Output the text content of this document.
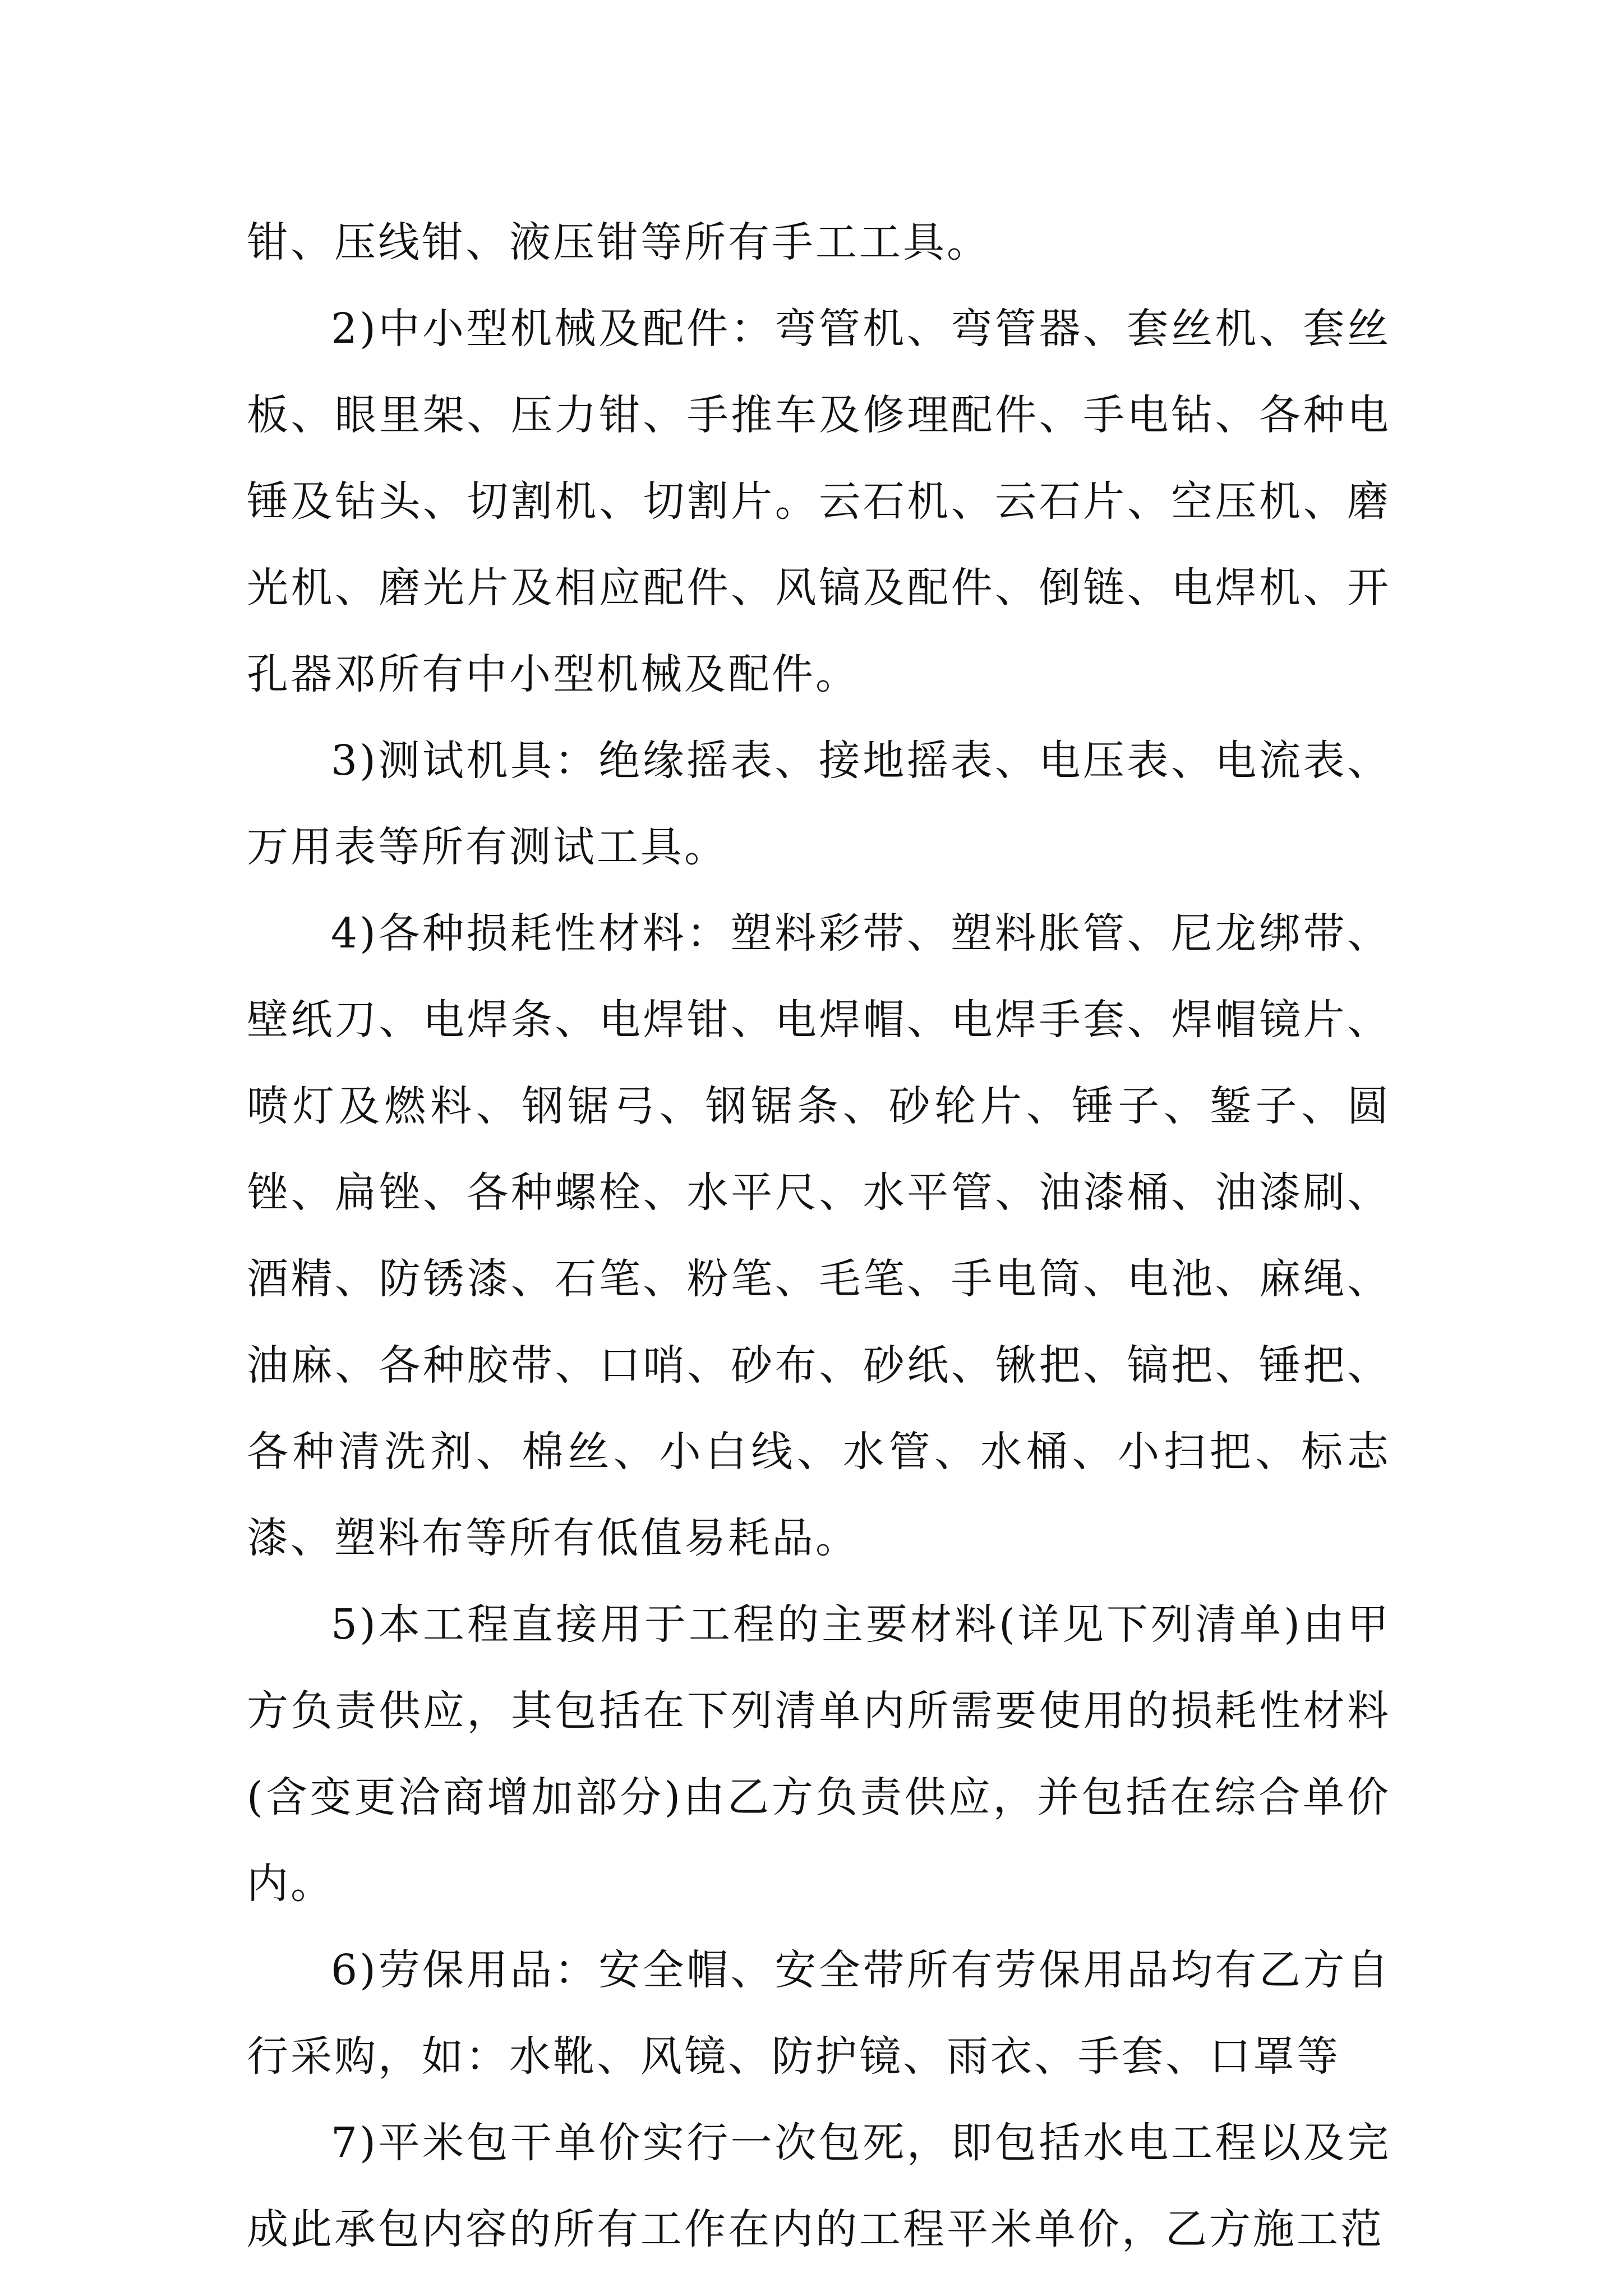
钳、压线钳、液压钳等所有手工工具。

2)中小型机械及配件：弯管机、弯管器、套丝机、套丝板、眼里架、压力钳、手推车及修理配件、手电钻、各种电锤及钻头、切割机、切割片。云石机、云石片、空压机、磨光机、磨光片及相应配件、风镐及配件、倒链、电焊机、开孔器邓所有中小型机械及配件。

3)测试机具：绝缘摇表、接地摇表、电压表、电流表、万用表等所有测试工具。

4)各种损耗性材料：塑料彩带、塑料胀管、尼龙绑带、壁纸刀、电焊条、电焊钳、电焊帽、电焊手套、焊帽镜片、喷灯及燃料、钢锯弓、钢锯条、砂轮片、锤子、錾子、圆锉、扁锉、各种螺栓、水平尺、水平管、油漆桶、油漆刷、酒精、防锈漆、石笔、粉笔、毛笔、手电筒、电池、麻绳、油麻、各种胶带、口哨、砂布、砂纸、锹把、镐把、锤把、各种清洗剂、棉丝、小白线、水管、水桶、小扫把、标志漆、塑料布等所有低值易耗品。

5)本工程直接用于工程的主要材料(详见下列清单)由甲方负责供应，其包括在下列清单内所需要使用的损耗性材料(含变更洽商增加部分)由乙方负责供应，并包括在综合单价内。

6)劳保用品：安全帽、安全带所有劳保用品均有乙方自行采购，如：水靴、风镜、防护镜、雨衣、手套、口罩等

7)平米包干单价实行一次包死，即包括水电工程以及完成此承包内容的所有工作在内的工程平米单价，乙方施工范
